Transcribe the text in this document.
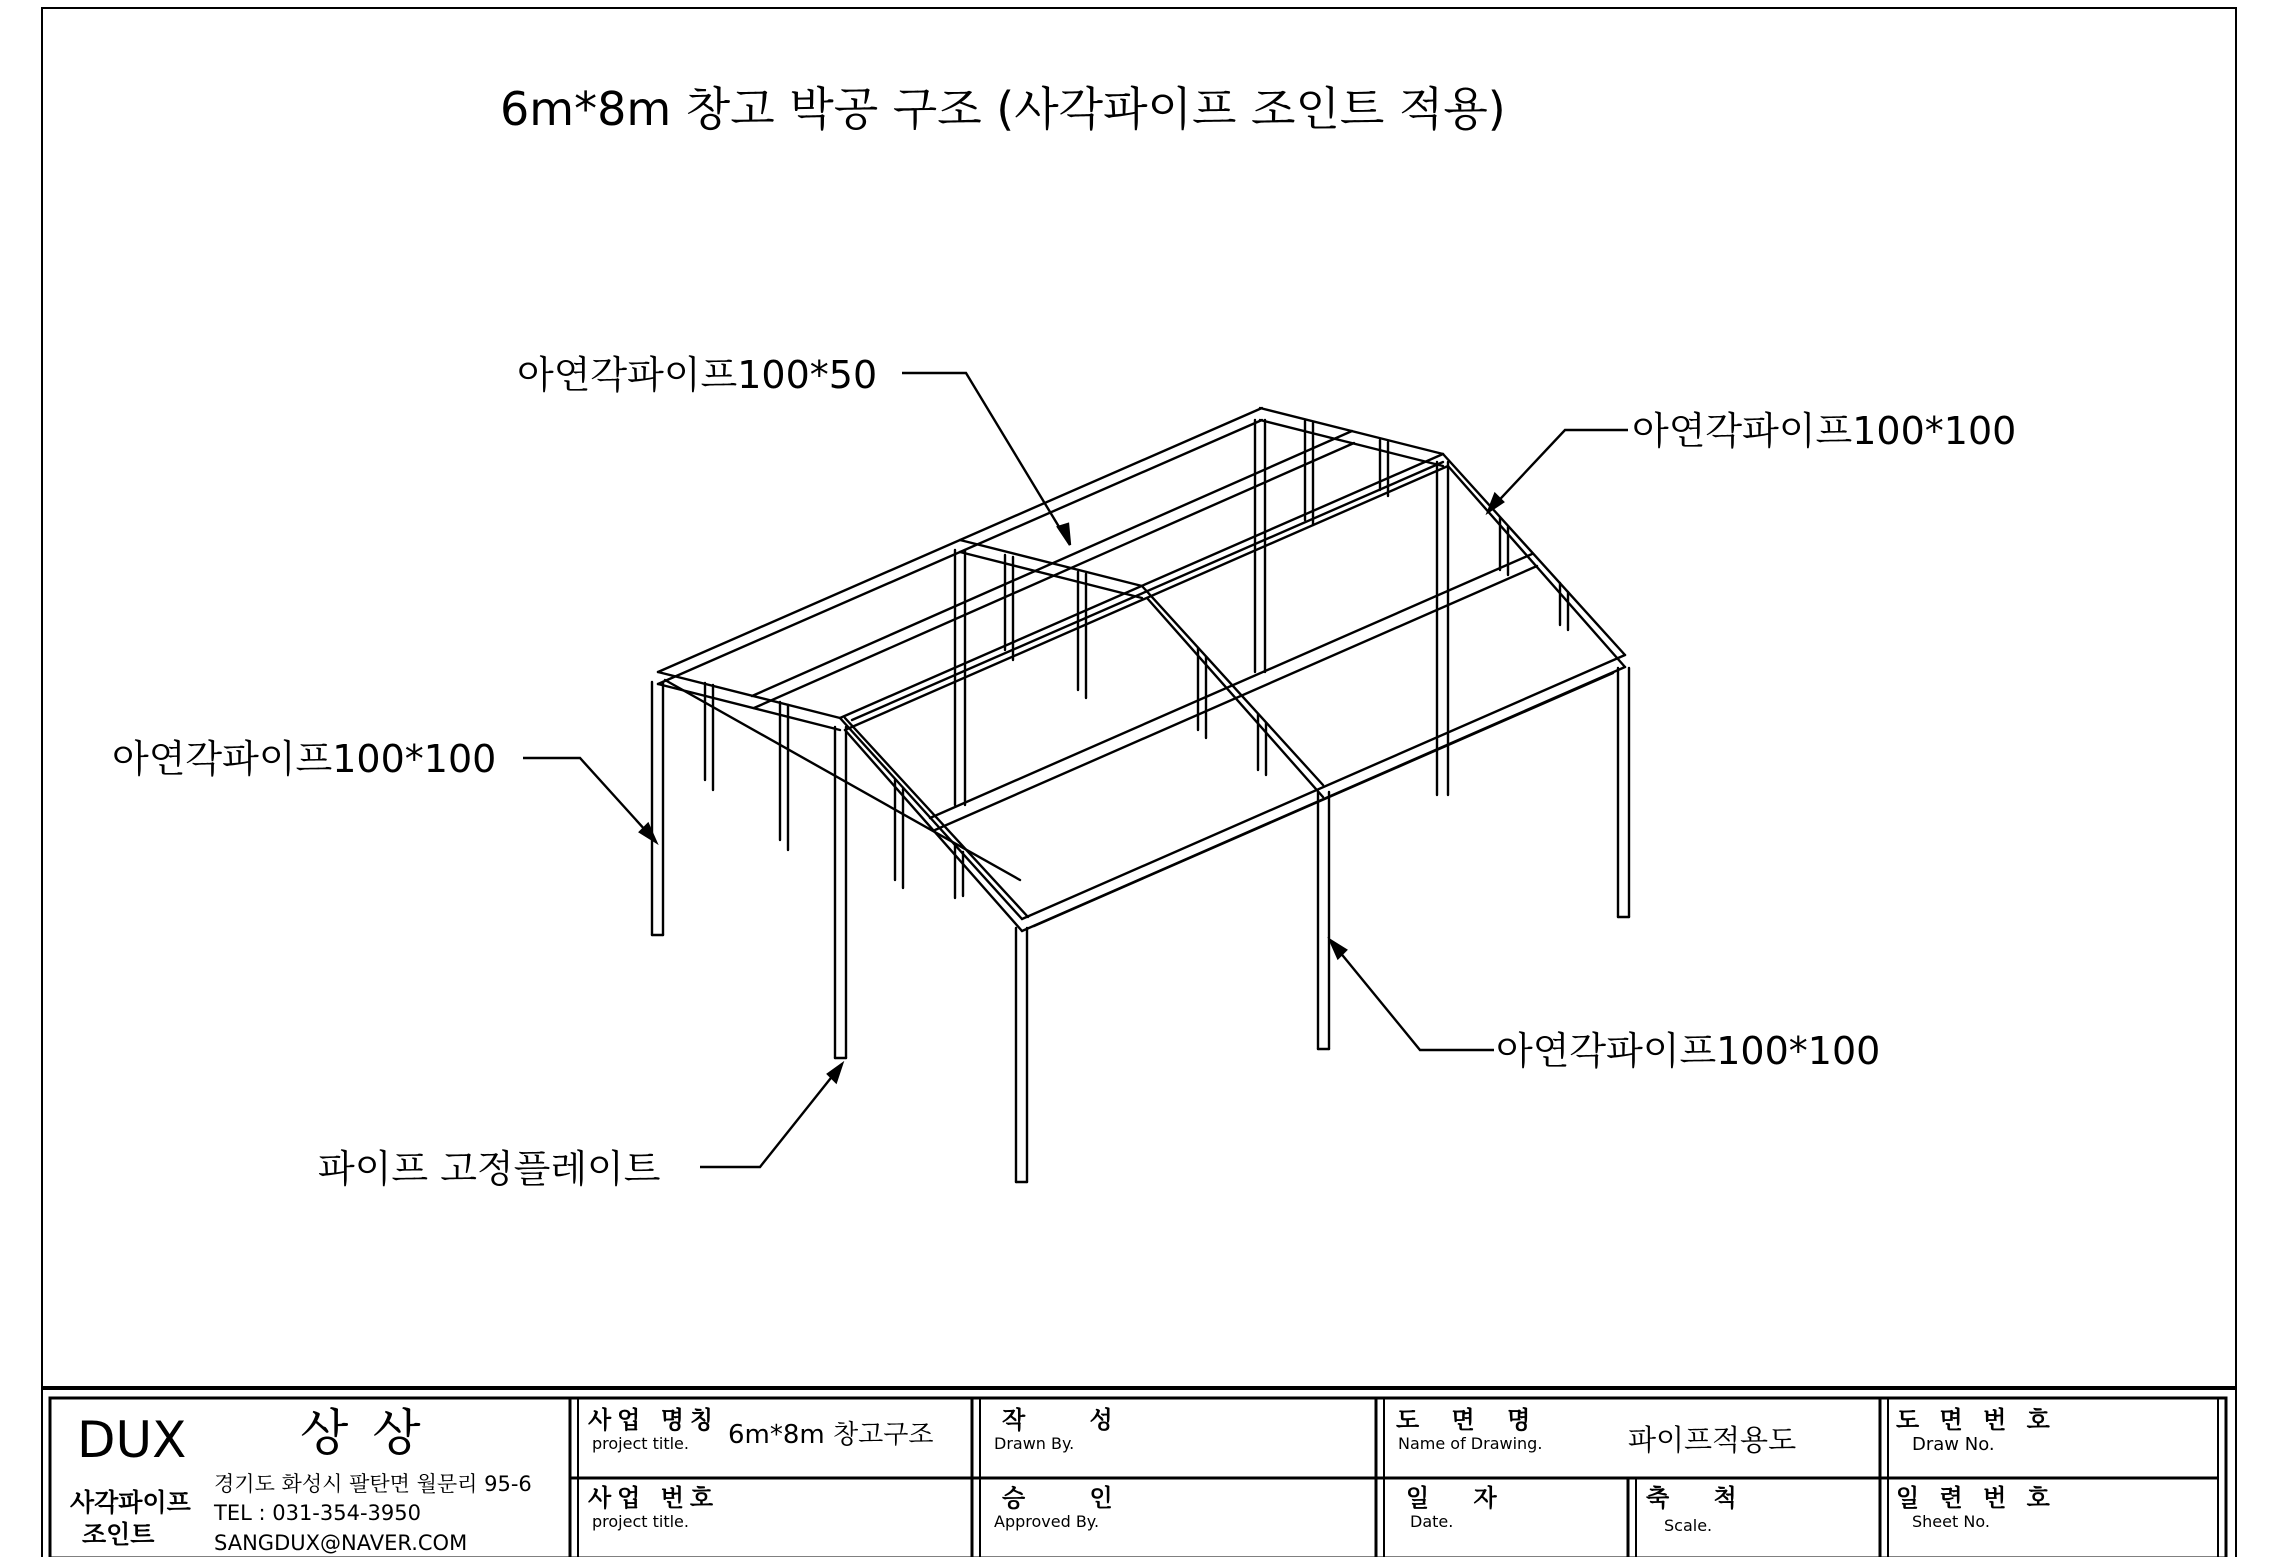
6m*8m 창고 박공 구조 (사각파이프 조인트 적용)
아연각파이프100*50
아연각파이프100*100
아연각파이프100*100
아연각파이프100*100
파이프 고정플레이트
DUX 상 상
사각파이프
조인트
경기도 화성시 팔탄면 월문리 95-6
TEL : 031-354-3950
SANGDUX@NAVER.COM
사업 명칭
project title. 6m*8m 창고구조
사업 번호
project title.
작 성
Drawn By.
승 인
Approved By.
도 면 명
Name of Drawing.	파이프적용도
일 자
Date.
축 척
Scale.
도 면 번 호
Draw No.
일 련 번 호
Sheet No.
